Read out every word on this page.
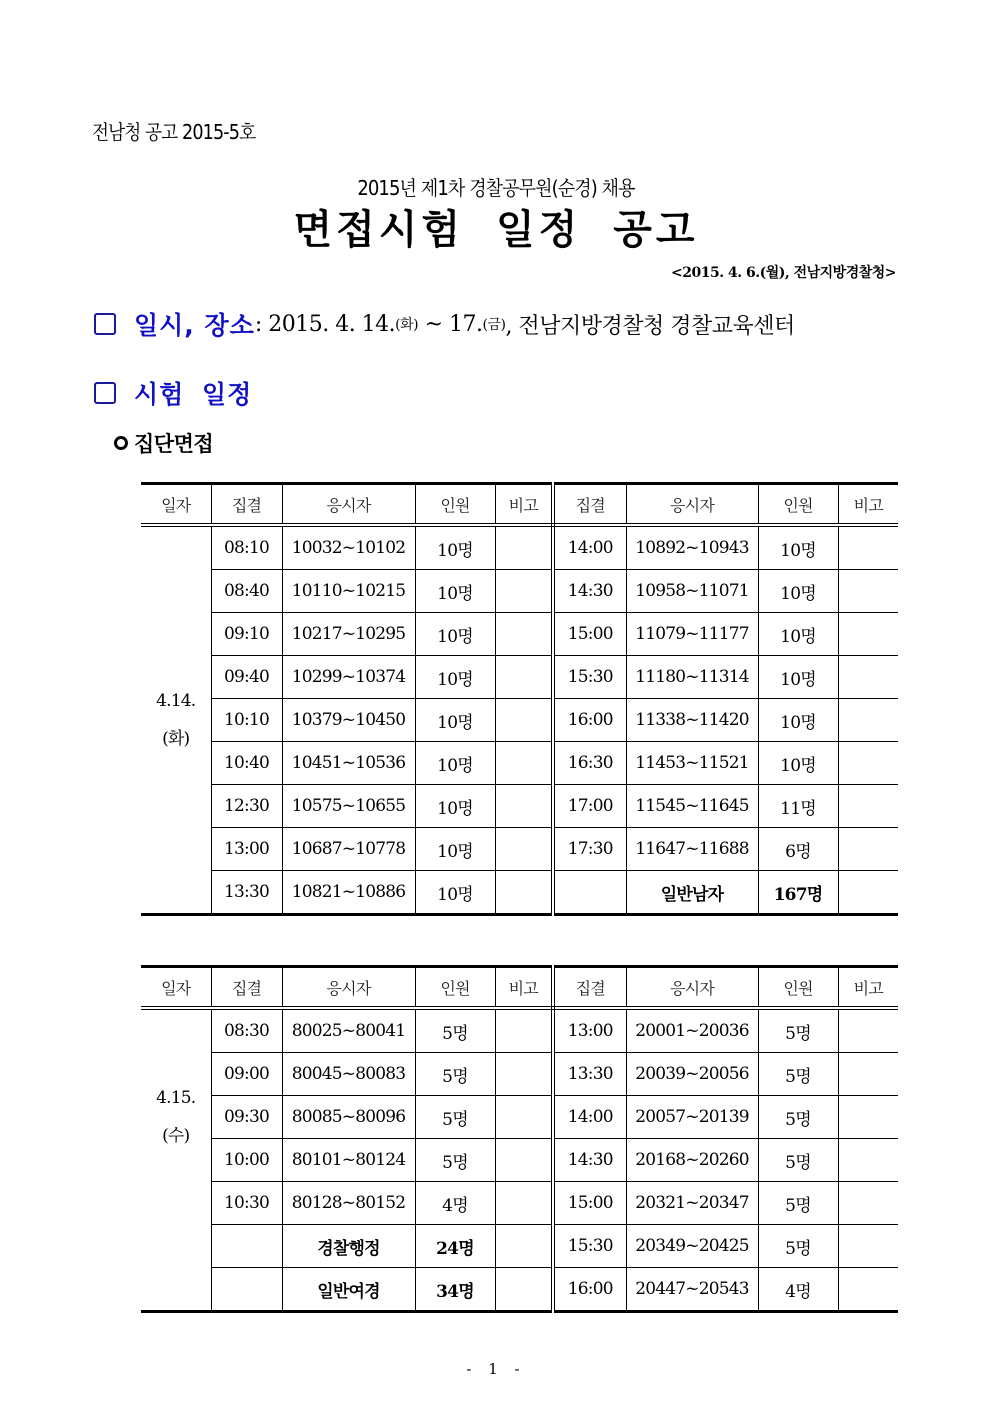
전남청 공고 2015-5호
2015년 제1차 경찰공무원(순경) 채용
면접시험 일정 공고
<2015. 4. 6.(월), 전남지방경찰청>
일시, 장소 : 2015. 4. 14. (화) ~ 17. (금) , 전남지방경찰청 경찰교육센터
시험 일정
집단면접
일자	집결	응시자	인원	비고	집결	응시자	인원	비고

4.14.
(화)	08:10	10032~10102	10명		14:00	10892~10943	10명	
	08:40	10110~10215	10명		14:30	10958~11071	10명	
	09:10	10217~10295	10명		15:00	11079~11177	10명	
	09:40	10299~10374	10명		15:30	11180~11314	10명	
	10:10	10379~10450	10명		16:00	11338~11420	10명	
	10:40	10451~10536	10명		16:30	11453~11521	10명	
	12:30	10575~10655	10명		17:00	11545~11645	11명	
	13:00	10687~10778	10명		17:30	11647~11688	6명	
	13:30	10821~10886	10명			일반남자	167명	
일자	집결	응시자	인원	비고	집결	응시자	인원	비고

4.15.
(수)	08:30	80025~80041	5명		13:00	20001~20036	5명	
	09:00	80045~80083	5명		13:30	20039~20056	5명	
	09:30	80085~80096	5명		14:00	20057~20139	5명	
	10:00	80101~80124	5명		14:30	20168~20260	5명	
	10:30	80128~80152	4명		15:00	20321~20347	5명	
		경찰행정	24명		15:30	20349~20425	5명	
		일반여경	34명		16:00	20447~20543	4명	
- 1 -
